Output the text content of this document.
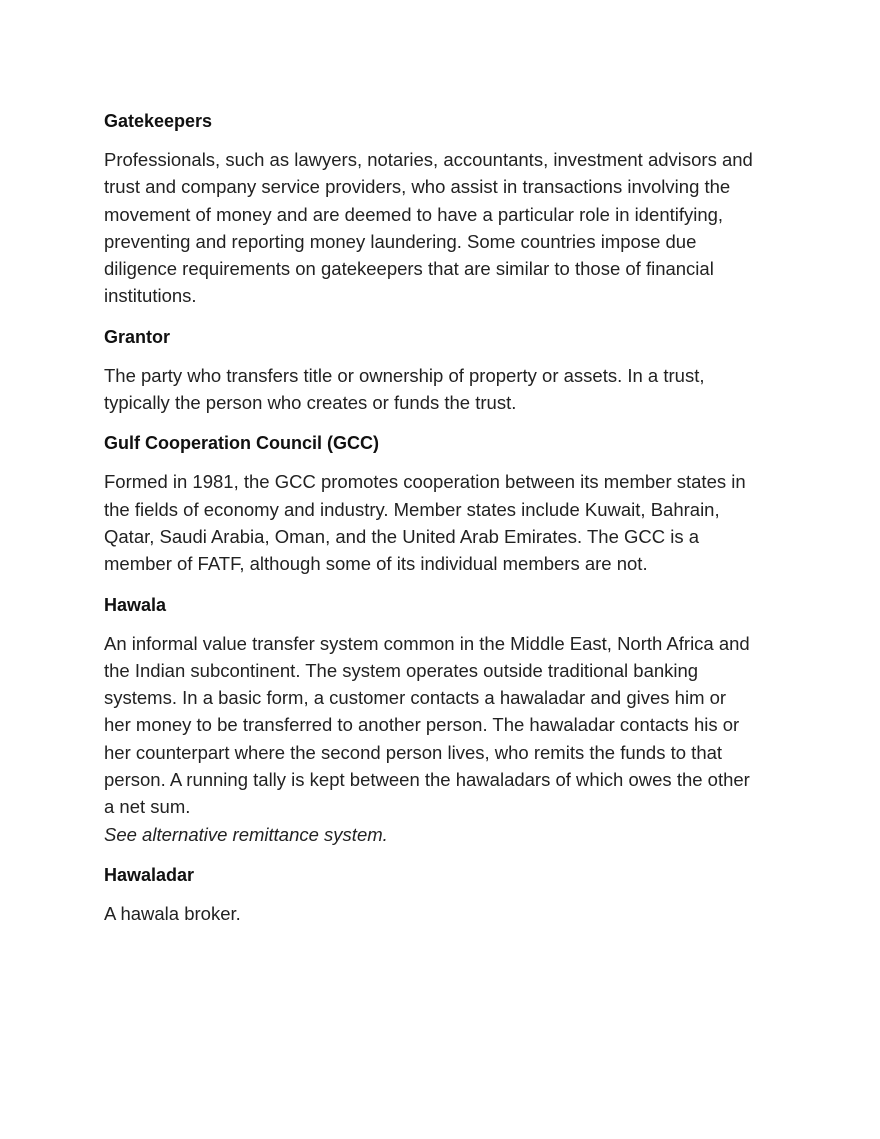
Gatekeepers

Professionals, such as lawyers, notaries, accountants, investment advisors and trust and company service providers, who assist in transactions involving the movement of money and are deemed to have a particular role in identifying, preventing and reporting money laundering. Some countries impose due diligence requirements on gatekeepers that are similar to those of financial institutions.

Grantor

The party who transfers title or ownership of property or assets. In a trust, typically the person who creates or funds the trust.

Gulf Cooperation Council (GCC)

Formed in 1981, the GCC promotes cooperation between its member states in the fields of economy and industry. Member states include Kuwait, Bahrain, Qatar, Saudi Arabia, Oman, and the United Arab Emirates. The GCC is a member of FATF, although some of its individual members are not.

Hawala
An informal value transfer system common in the Middle East, North Africa and the Indian subcontinent. The system operates outside traditional banking systems. In a basic form, a customer contacts a hawaladar and gives him or her money to be transferred to another person. The hawaladar contacts his or her counterpart where the second person lives, who remits the funds to that person. A running tally is kept between the hawaladars of which owes the other a net sum.
See alternative remittance system.
Hawaladar

A hawala broker.
